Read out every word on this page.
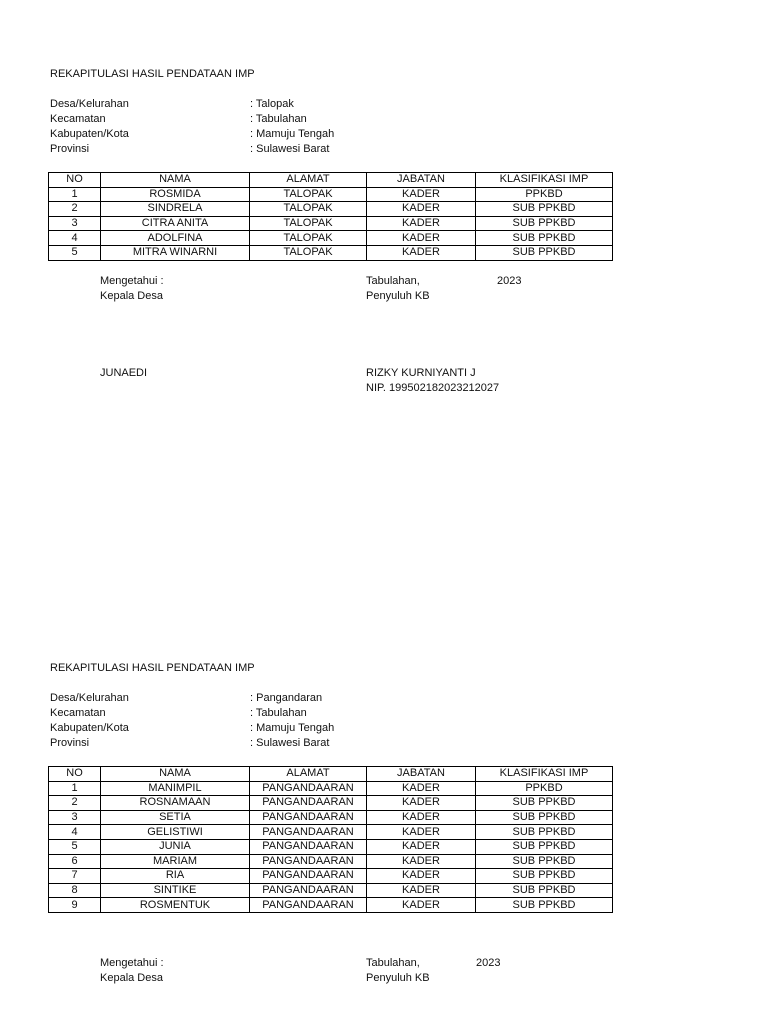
REKAPITULASI HASIL PENDATAAN IMP
Desa/Kelurahan	: Talopak
Kecamatan	: Tabulahan
Kabupaten/Kota	: Mamuju Tengah
Provinsi	: Sulawesi Barat
NO	NAMA	ALAMAT	JABATAN	KLASIFIKASI IMP
1	ROSMIDA	TALOPAK	KADER	PPKBD
2	SINDRELA	TALOPAK	KADER	SUB PPKBD
3	CITRA ANITA	TALOPAK	KADER	SUB PPKBD
4	ADOLFINA	TALOPAK	KADER	SUB PPKBD
5	MITRA WINARNI	TALOPAK	KADER	SUB PPKBD
Mengetahui :
Kepala Desa
Tabulahan,	2023
Penyuluh KB
JUNAEDI	RIZKY KURNIYANTI J
NIP. 199502182023212027
REKAPITULASI HASIL PENDATAAN IMP
Desa/Kelurahan	: Pangandaran
Kecamatan	: Tabulahan
Kabupaten/Kota	: Mamuju Tengah
Provinsi	: Sulawesi Barat
NO	NAMA	ALAMAT	JABATAN	KLASIFIKASI IMP
1	MANIMPIL	PANGANDAARAN	KADER	PPKBD
2	ROSNAMAAN	PANGANDAARAN	KADER	SUB PPKBD
3	SETIA	PANGANDAARAN	KADER	SUB PPKBD
4	GELISTIWI	PANGANDAARAN	KADER	SUB PPKBD
5	JUNIA	PANGANDAARAN	KADER	SUB PPKBD
6	MARIAM	PANGANDAARAN	KADER	SUB PPKBD
7	RIA	PANGANDAARAN	KADER	SUB PPKBD
8	SINTIKE	PANGANDAARAN	KADER	SUB PPKBD
9	ROSMENTUK	PANGANDAARAN	KADER	SUB PPKBD
Mengetahui :
Kepala Desa
Tabulahan,	2023
Penyuluh KB
